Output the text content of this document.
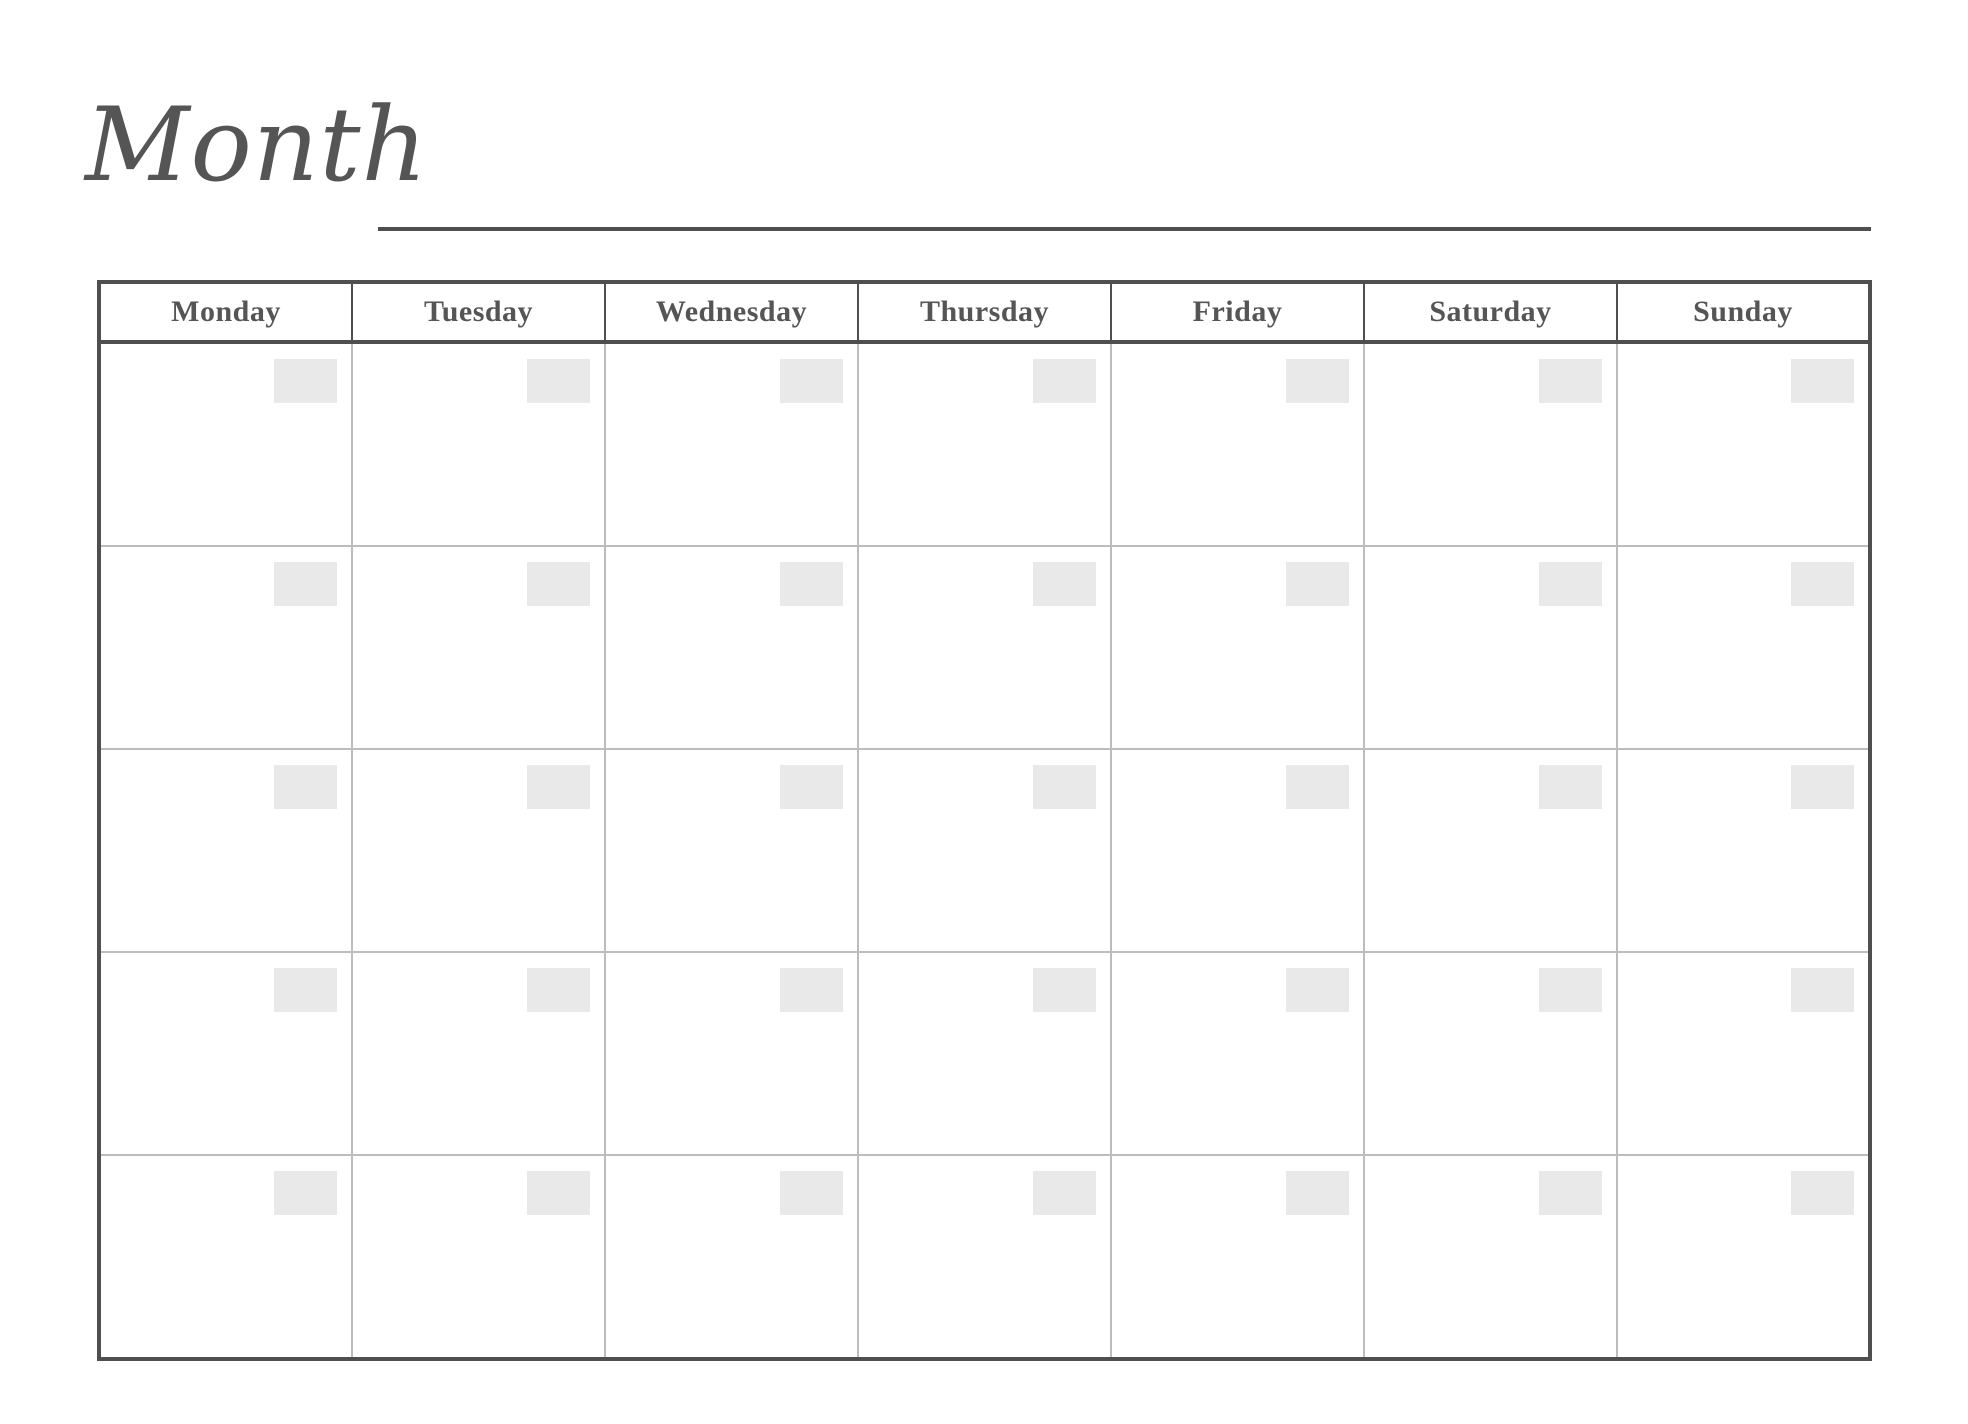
Month
Monday	Tuesday	Wednesday	Thursday	Friday	Saturday	Sunday
